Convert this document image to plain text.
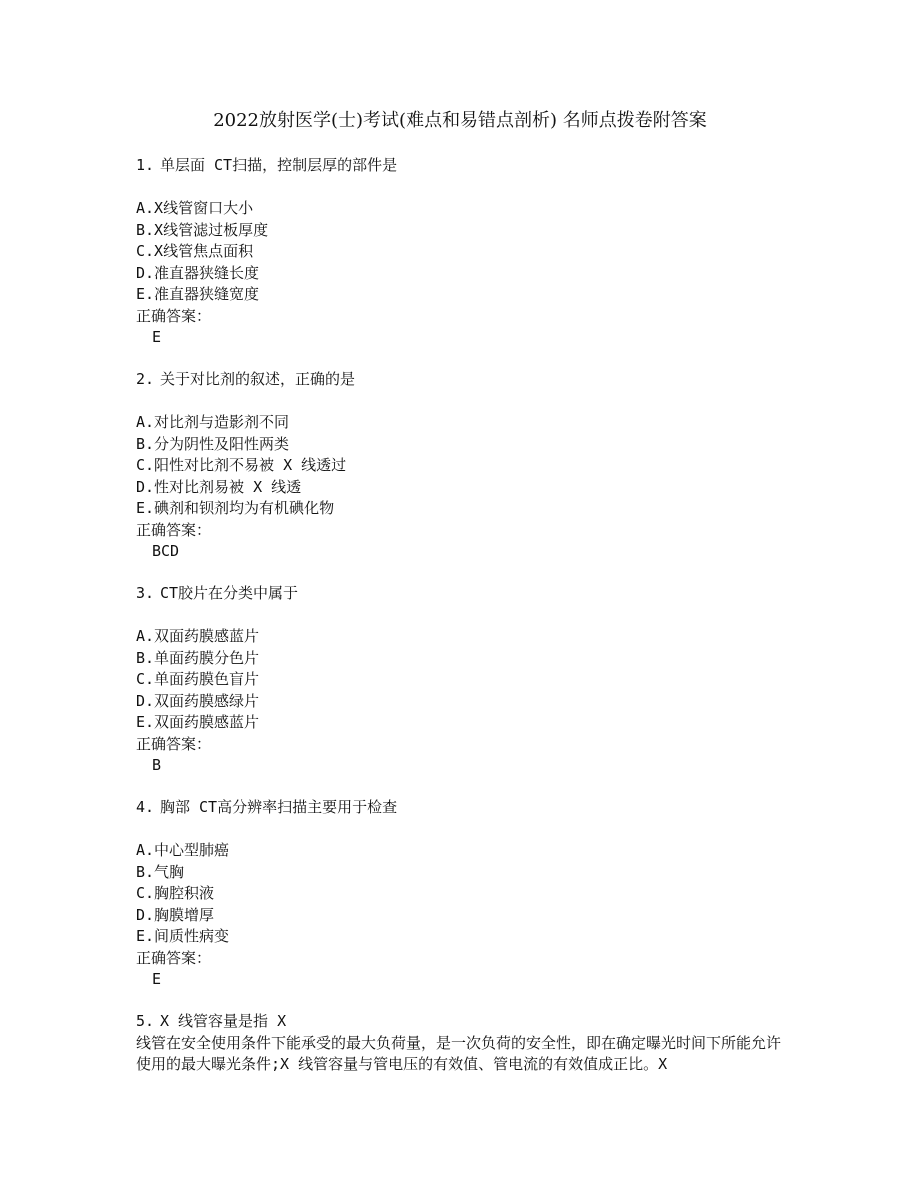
2022放射医学(士)考试(难点和易错点剖析) 名师点拨卷附答案
1. 单层面 CT扫描，控制层厚的部件是
A.X线管窗口大小
B.X线管滤过板厚度
C.X线管焦点面积
D.准直器狭缝长度
E.准直器狭缝宽度
正确答案：
E
2. 关于对比剂的叙述，正确的是
A.对比剂与造影剂不同
B.分为阴性及阳性两类
C.阳性对比剂不易被 X 线透过
D.性对比剂易被 X 线透
E.碘剂和钡剂均为有机碘化物
正确答案：
BCD
3. CT胶片在分类中属于
A.双面药膜感蓝片
B.单面药膜分色片
C.单面药膜色盲片
D.双面药膜感绿片
E.双面药膜感蓝片
正确答案：
B
4. 胸部 CT高分辨率扫描主要用于检查
A.中心型肺癌
B.气胸
C.胸腔积液
D.胸膜增厚
E.间质性病变
正确答案：
E
5. X 线管容量是指 X
线管在安全使用条件下能承受的最大负荷量，是一次负荷的安全性，即在确定曝光时间下所能允许使用的最大曝光条件;X 线管容量与管电压的有效值、管电流的有效值成正比。X
